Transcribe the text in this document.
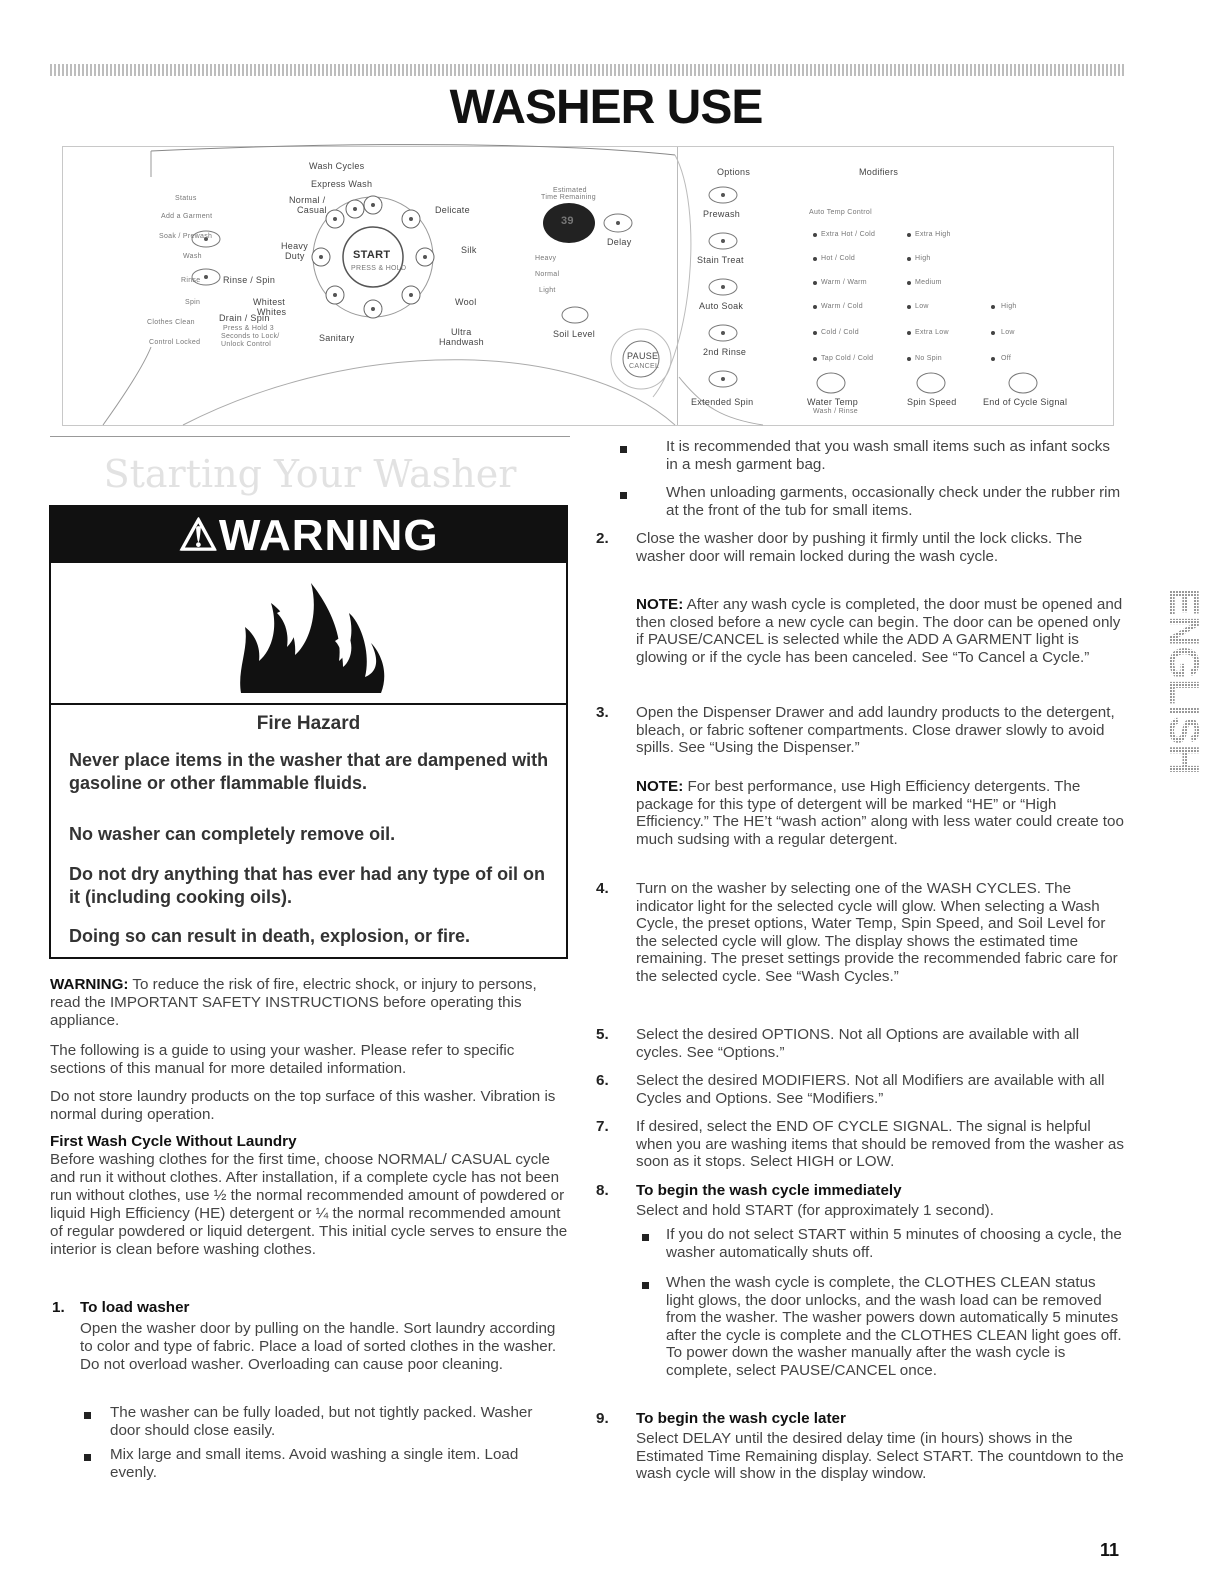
WASHER USE
Wash Cycles
Express Wash
Normal /
Casual	Delicate
Heavy
Duty
Silk
START
PRESS & HOLD
Whitest
Whites
Wool
Sanitary
Ultra
Handwash
Status
Add a Garment
Soak / Prewash
Wash
Rinse
Spin
Clothes Clean
Control Locked
Rinse / Spin
Drain / Spin
Press & Hold 3
Seconds to Lock/
Unlock Control
Estimated
Time Remaining
39
Delay
Heavy
Normal
Light
Soil Level
PAUSE
CANCEL
Options	Modifiers
Auto Temp Control
Prewash
Stain Treat
Auto Soak
2nd Rinse
Extended Spin
Extra Hot / Cold
Hot / Cold
Warm / Warm
Warm / Cold
Cold / Cold
Tap Cold / Cold
Extra High
High
Medium
Low
Extra Low
No Spin
High
Low
Off
Water Temp
Wash / Rinse
Spin Speed	End of Cycle Signal
Starting Your Washer
⚠WARNING
Fire Hazard
Never place items in the washer that are dampened with gasoline or other flammable fluids.
No washer can completely remove oil.
Do not dry anything that has ever had any type of oil on it (including cooking oils).
Doing so can result in death, explosion, or fire.
WARNING: To reduce the risk of fire, electric shock, or injury to persons, read the IMPORTANT SAFETY INSTRUCTIONS before operating this appliance.
The following is a guide to using your washer. Please refer to specific sections of this manual for more detailed information.
Do not store laundry products on the top surface of this washer. Vibration is normal during operation.
First Wash Cycle Without Laundry
Before washing clothes for the first time, choose NORMAL/ CASUAL cycle and run it without clothes. After installation, if a complete cycle has not been run without clothes, use ½ the normal recommended amount of powdered or liquid High Efficiency (HE) detergent or ¼ the normal recommended amount of regular powdered or liquid detergent. This initial cycle serves to ensure the interior is clean before washing clothes.
1. To load washer
Open the washer door by pulling on the handle. Sort laundry according to color and type of fabric. Place a load of sorted clothes in the washer. Do not overload washer. Overloading can cause poor cleaning.
The washer can be fully loaded, but not tightly packed. Washer door should close easily.
Mix large and small items. Avoid washing a single item. Load evenly.
It is recommended that you wash small items such as infant socks in a mesh garment bag.
When unloading garments, occasionally check under the rubber rim at the front of the tub for small items.
2.	Close the washer door by pushing it firmly until the lock clicks. The washer door will remain locked during the wash cycle.
NOTE: After any wash cycle is completed, the door must be opened and then closed before a new cycle can begin. The door can be opened only if PAUSE/CANCEL is selected while the ADD A GARMENT light is glowing or if the cycle has been canceled. See “To Cancel a Cycle.”
3.	Open the Dispenser Drawer and add laundry products to the detergent, bleach, or fabric softener compartments. Close drawer slowly to avoid spills. See “Using the Dispenser.”
NOTE: For best performance, use High Efficiency detergents. The package for this type of detergent will be marked “HE” or “High Efficiency.” The HE’t “wash action” along with less water could create too much sudsing with a regular detergent.
4.	Turn on the washer by selecting one of the WASH CYCLES. The indicator light for the selected cycle will glow. When selecting a Wash Cycle, the preset options, Water Temp, Spin Speed, and Soil Level for the selected cycle will glow. The display shows the estimated time remaining. The preset settings provide the recommended fabric care for the selected cycle. See “Wash Cycles.”
5.	Select the desired OPTIONS. Not all Options are available with all cycles. See “Options.”
6.	Select the desired MODIFIERS. Not all Modifiers are available with all Cycles and Options. See “Modifiers.”
7.	If desired, select the END OF CYCLE SIGNAL. The signal is helpful when you are washing items that should be removed from the washer as soon as it stops. Select HIGH or LOW.
8.	To begin the wash cycle immediately
Select and hold START (for approximately 1 second).
If you do not select START within 5 minutes of choosing a cycle, the washer automatically shuts off.
When the wash cycle is complete, the CLOTHES CLEAN status light glows, the door unlocks, and the wash load can be removed from the washer. The washer powers down automatically 5 minutes after the cycle is complete and the CLOTHES CLEAN light goes off. To power down the washer manually after the wash cycle is complete, select PAUSE/CANCEL once.
9.	To begin the wash cycle later
Select DELAY until the desired delay time (in hours) shows in the Estimated Time Remaining display. Select START. The countdown to the wash cycle will show in the display window.
ENGLISH
11
